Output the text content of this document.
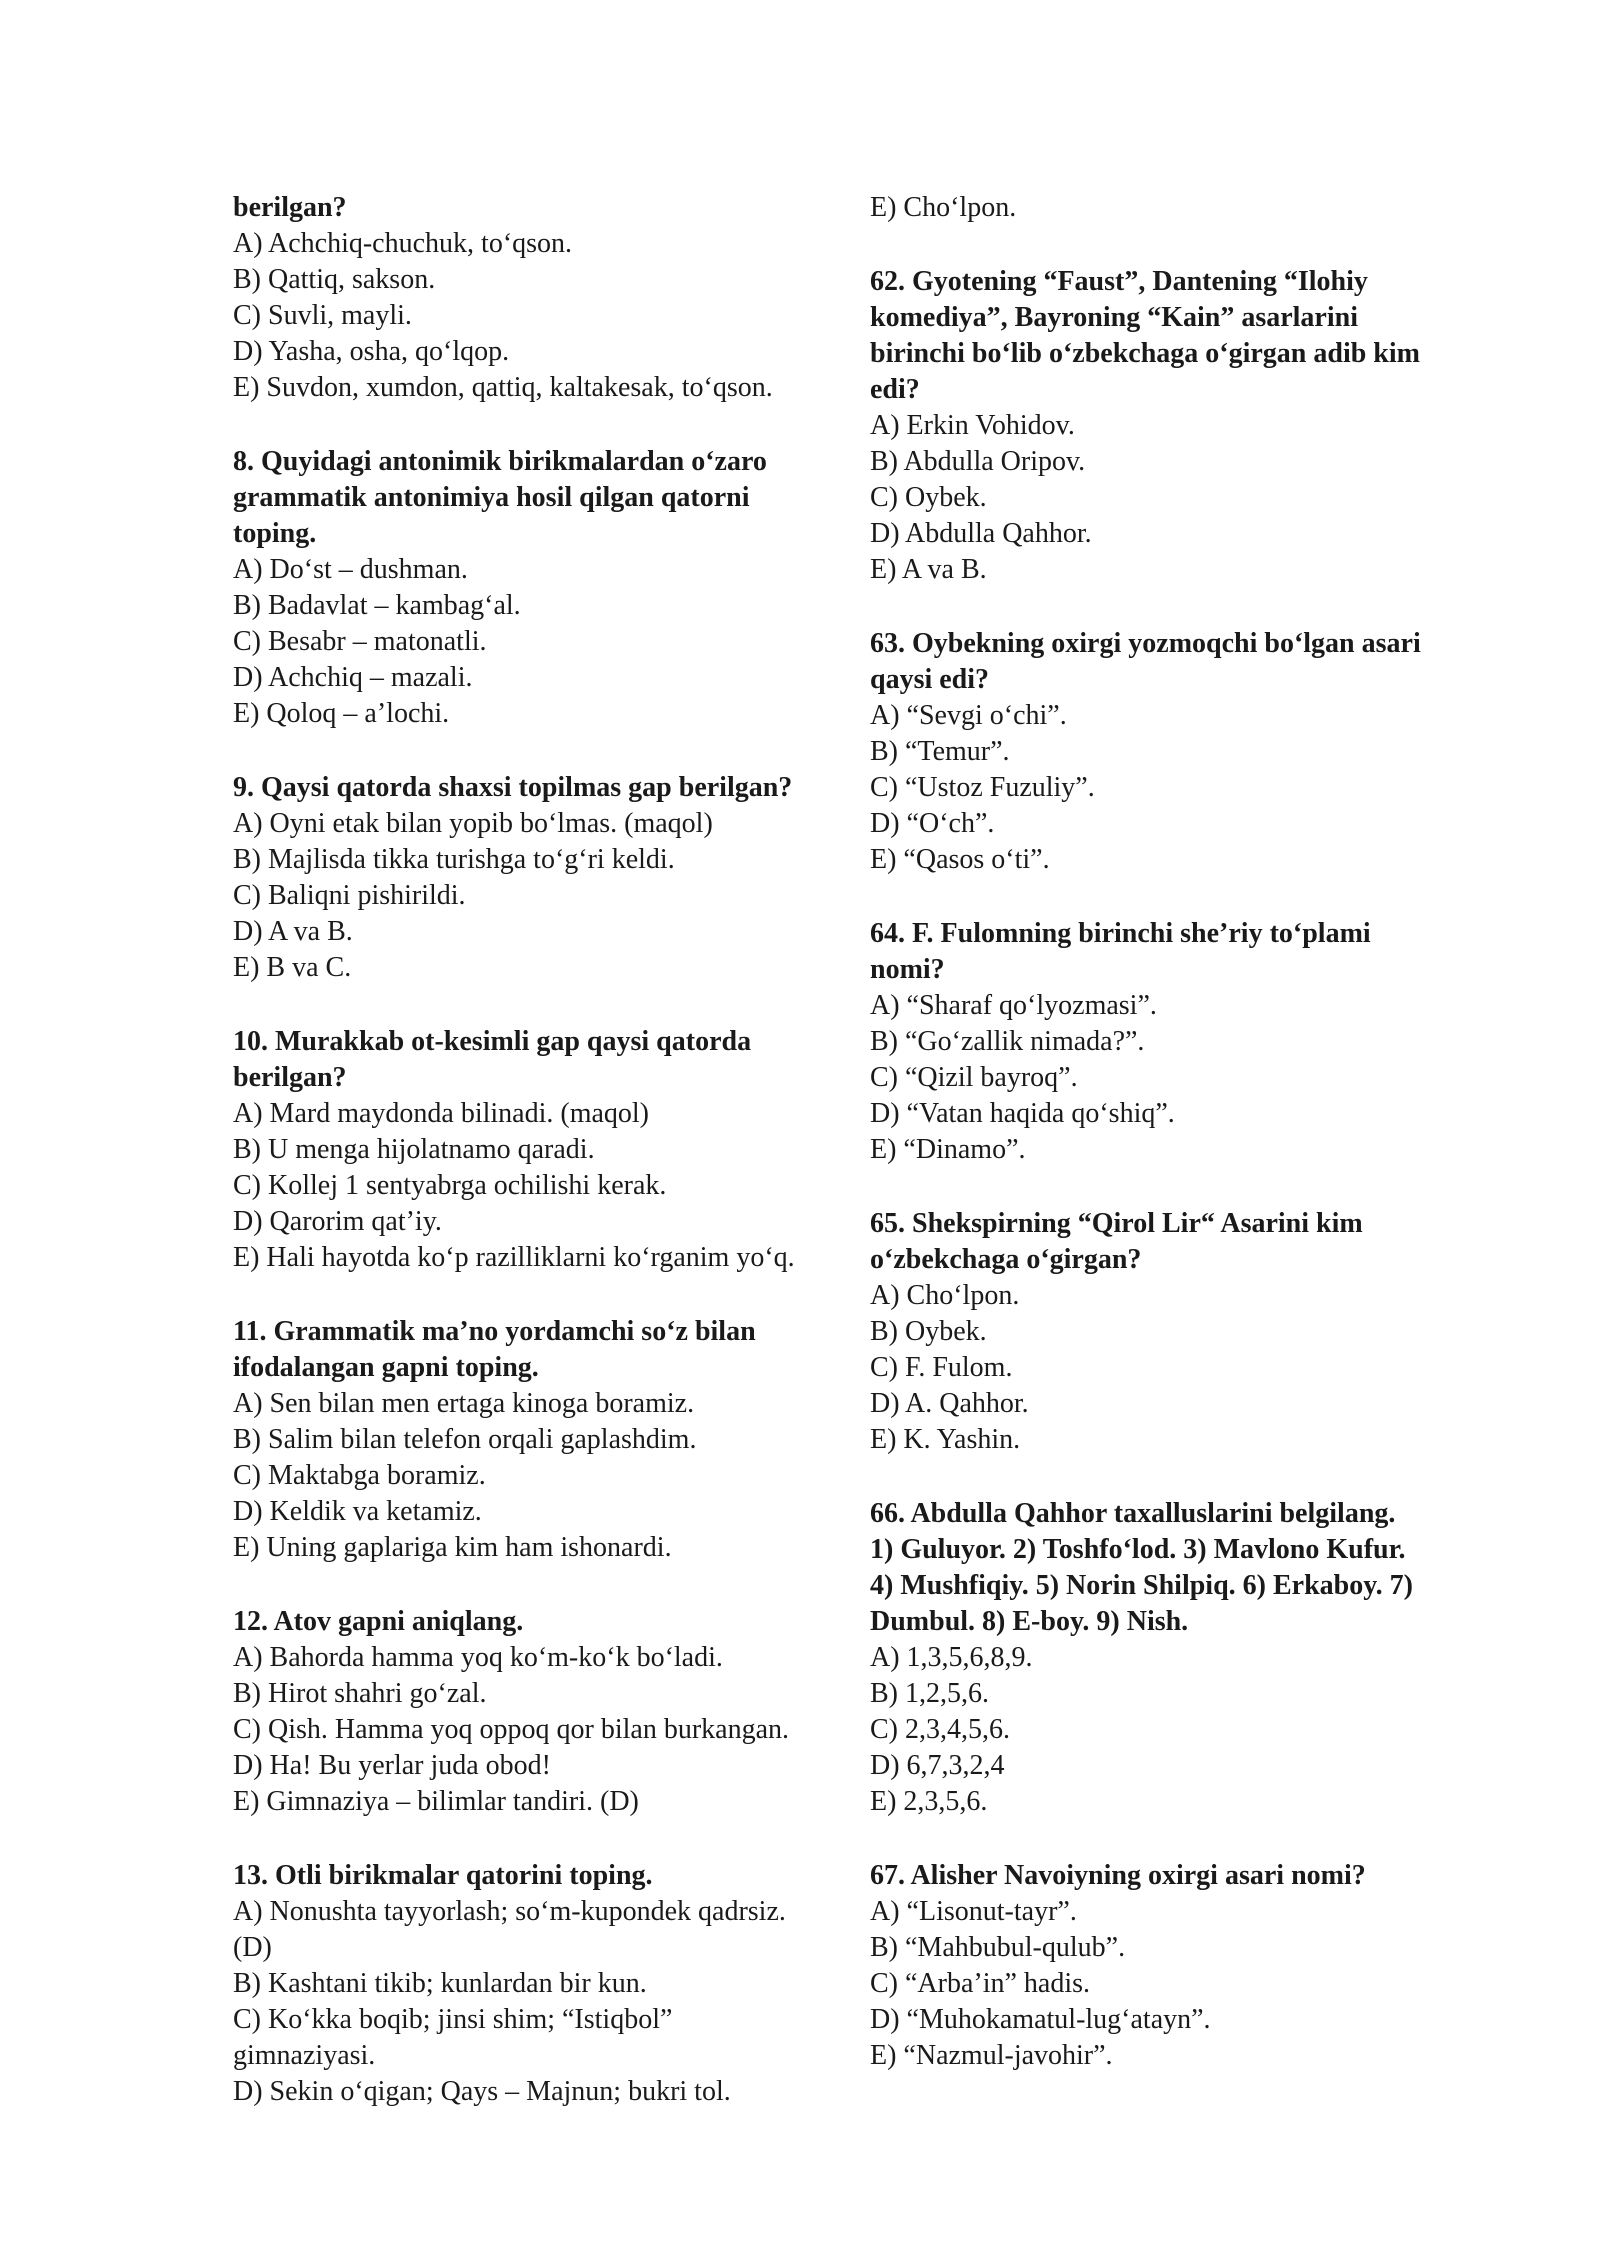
berilgan?
A) Achchiq-chuchuk, to‘qson.
B) Qattiq, sakson.
C) Suvli, mayli.
D) Yasha, osha, qo‘lqop.
E) Suvdon, xumdon, qattiq, kaltakesak, to‘qson.
8. Quyidagi antonimik birikmalardan o‘zaro
grammatik antonimiya hosil qilgan qatorni
toping.
A) Do‘st – dushman.
B) Badavlat – kambag‘al.
C) Besabr – matonatli.
D) Achchiq – mazali.
E) Qoloq – a’lochi.
9. Qaysi qatorda shaxsi topilmas gap berilgan?
A) Oyni etak bilan yopib bo‘lmas. (maqol)
B) Majlisda tikka turishga to‘g‘ri keldi.
C) Baliqni pishirildi.
D) A va B.
E) B va C.
10. Murakkab ot-kesimli gap qaysi qatorda
berilgan?
A) Mard maydonda bilinadi. (maqol)
B) U menga hijolatnamo qaradi.
C) Kollej 1 sentyabrga ochilishi kerak.
D) Qarorim qat’iy.
E) Hali hayotda ko‘p razilliklarni ko‘rganim yo‘q.
11. Grammatik ma’no yordamchi so‘z bilan
ifodalangan gapni toping.
A) Sen bilan men ertaga kinoga boramiz.
B) Salim bilan telefon orqali gaplashdim.
C) Maktabga boramiz.
D) Keldik va ketamiz.
E) Uning gaplariga kim ham ishonardi.
12. Atov gapni aniqlang.
A) Bahorda hamma yoq ko‘m-ko‘k bo‘ladi.
B) Hirot shahri go‘zal.
C) Qish. Hamma yoq oppoq qor bilan burkangan.
D) Ha! Bu yerlar juda obod!
E) Gimnaziya – bilimlar tandiri. (D)
13. Otli birikmalar qatorini toping.
A) Nonushta tayyorlash; so‘m-kupondek qadrsiz.
(D)
B) Kashtani tikib; kunlardan bir kun.
C) Ko‘kka boqib; jinsi shim; “Istiqbol”
gimnaziyasi.
D) Sekin o‘qigan; Qays – Majnun; bukri tol.
E) Cho‘lpon.
62. Gyotening “Faust”, Dantening “Ilohiy
komediya”, Bayroning “Kain” asarlarini
birinchi bo‘lib o‘zbekchaga o‘girgan adib kim
edi?
A) Erkin Vohidov.
B) Abdulla Oripov.
C) Oybek.
D) Abdulla Qahhor.
E) A va B.
63. Oybekning oxirgi yozmoqchi bo‘lgan asari
qaysi edi?
A) “Sevgi o‘chi”.
B) “Temur”.
C) “Ustoz Fuzuliy”.
D) “O‘ch”.
E) “Qasos o‘ti”.
64. F. Fulomning birinchi she’riy to‘plami
nomi?
A) “Sharaf qo‘lyozmasi”.
B) “Go‘zallik nimada?”.
C) “Qizil bayroq”.
D) “Vatan haqida qo‘shiq”.
E) “Dinamo”.
65. Shekspirning “Qirol Lir“ Asarini kim
o‘zbekchaga o‘girgan?
A) Cho‘lpon.
B) Oybek.
C) F. Fulom.
D) A. Qahhor.
E) K. Yashin.
66. Abdulla Qahhor taxalluslarini belgilang.
1) Guluyor. 2) Toshfo‘lod. 3) Mavlono Kufur.
4) Mushfiqiy. 5) Norin Shilpiq. 6) Erkaboy. 7)
Dumbul. 8) E-boy. 9) Nish.
A) 1,3,5,6,8,9.
B) 1,2,5,6.
C) 2,3,4,5,6.
D) 6,7,3,2,4
E) 2,3,5,6.
67. Alisher Navoiyning oxirgi asari nomi?
A) “Lisonut-tayr”.
B) “Mahbubul-qulub”.
C) “Arba’in” hadis.
D) “Muhokamatul-lug‘atayn”.
E) “Nazmul-javohir”.
